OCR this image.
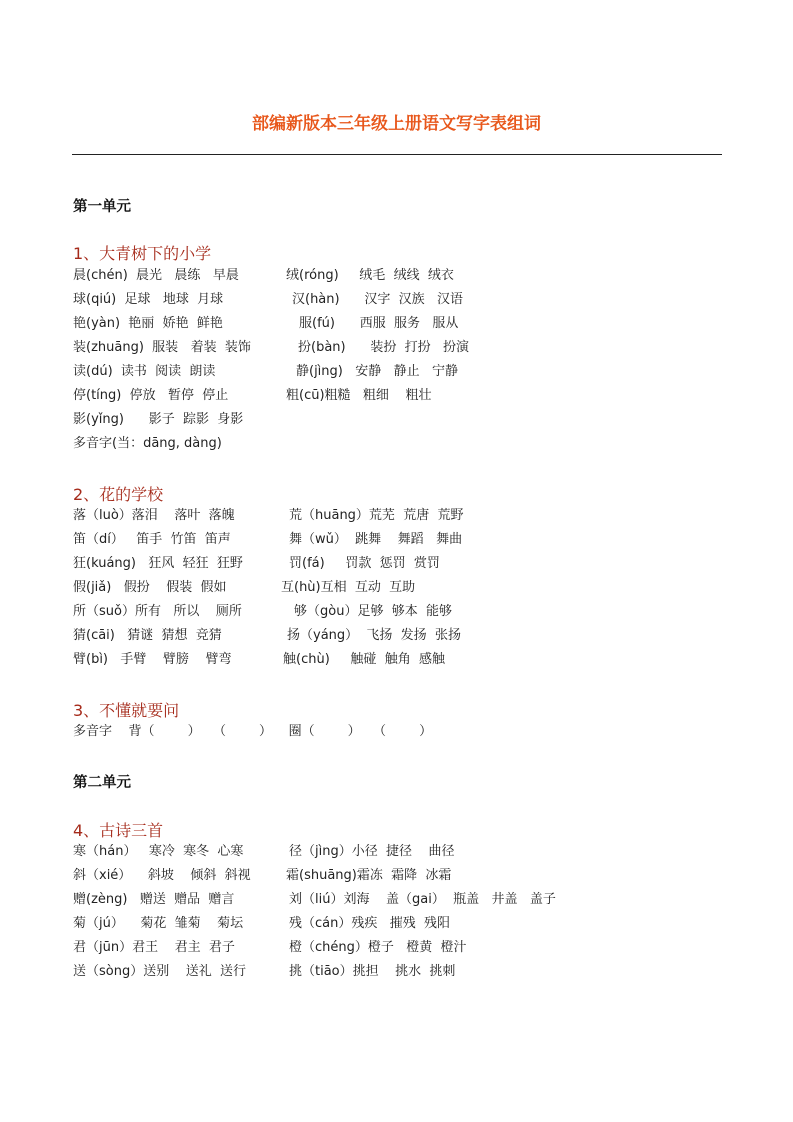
部编新版本三年级上册语文写字表组词
第一单元
1、大青树下的小学
晨(chén)  晨光   晨练   早晨	绒(róng)     绒毛  绒线  绒衣
球(qiú)  足球   地球  月球	汉(hàn)      汉字  汉族   汉语
艳(yàn)  艳丽  娇艳  鲜艳	服(fú)      西服  服务   服从
装(zhuāng)  服装   着装  装饰	扮(bàn)      装扮  打扮   扮演
读(dú)  读书  阅读  朗读	静(jìng)   安静   静止   宁静
停(tíng)  停放   暂停  停止	粗(cū)粗糙   粗细    粗壮
影(yǐng)      影子  踪影  身影
多音字(当：dāng, dàng)
2、花的学校
落（luò）落泪    落叶  落魄	荒（huāng）荒芜  荒唐  荒野
笛（dí）   笛手  竹笛  笛声	舞（wǔ）  跳舞    舞蹈   舞曲
狂(kuáng)   狂风  轻狂  狂野	罚(fá)     罚款  惩罚  赏罚
假(jiǎ)   假扮    假装  假如	互(hù)互相  互动  互助
所（suǒ）所有   所以    厕所	够（gòu）足够  够本  能够
猜(cāi)   猜谜  猜想  竞猜	扬（yáng）  飞扬  发扬  张扬
臂(bì)   手臂    臂膀    臂弯	触(chù)     触碰  触角  感触
3、不懂就要问
多音字    背（        ）   （        ）    圈（        ）   （        ）
第二单元
4、古诗三首
寒（hán）   寒冷  寒冬  心寒	径（jìng）小径  捷径    曲径
斜（xié）    斜坡    倾斜  斜视	霜(shuāng)霜冻  霜降  冰霜
赠(zèng)   赠送  赠品  赠言	刘（liú）刘海    盖（gai）  瓶盖   井盖   盖子
菊（jú）    菊花  雏菊    菊坛	残（cán）残疾   摧残  残阳
君（jūn）君王    君主  君子	橙（chéng）橙子   橙黄  橙汁
送（sòng）送别    送礼  送行	挑（tiāo）挑担    挑水  挑刺
